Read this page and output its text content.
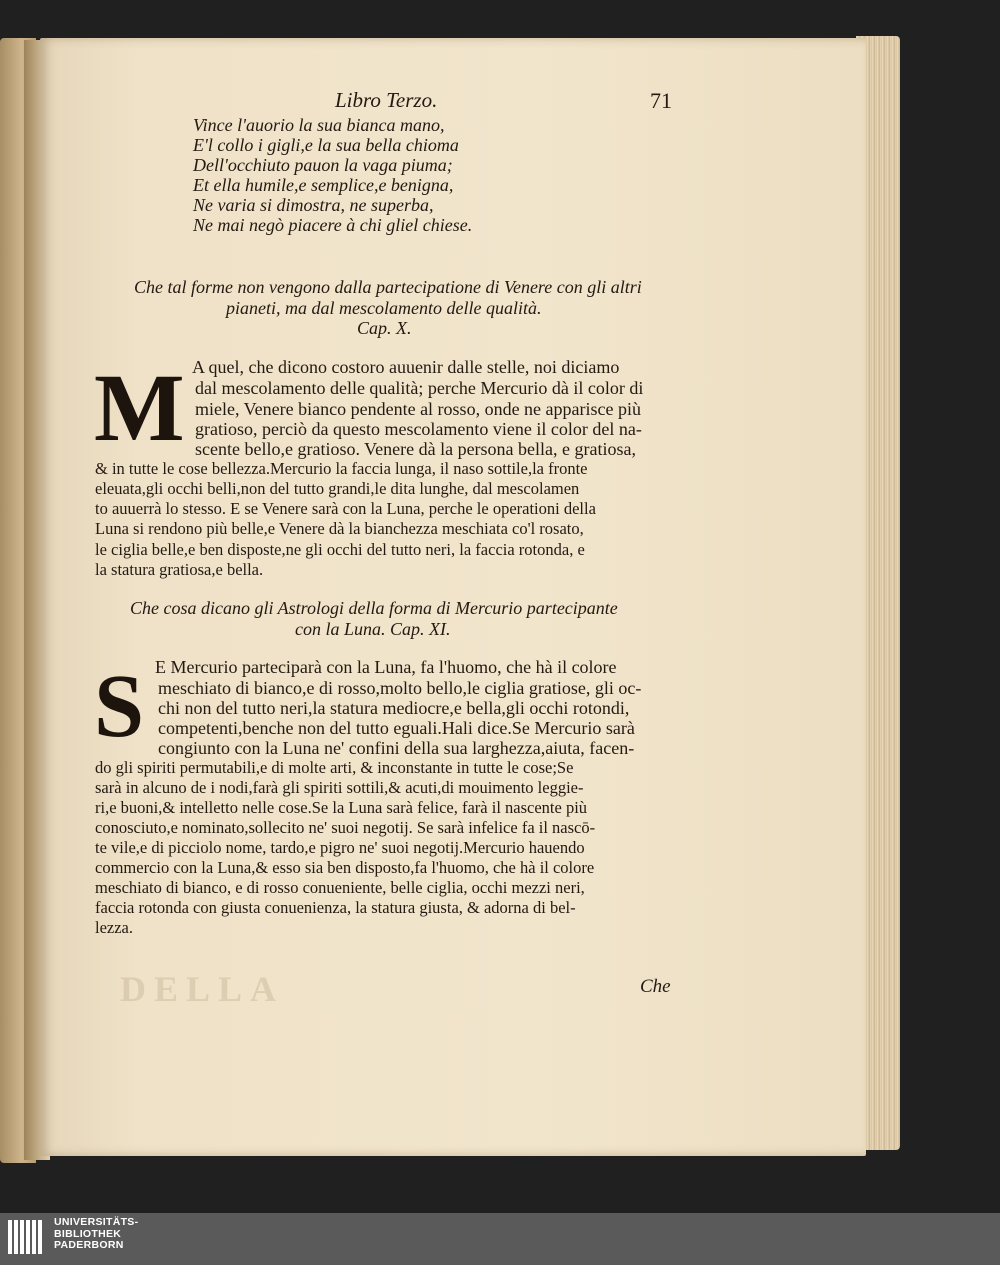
DELLA
Libro Terzo.	71
Vince l'auorio la sua bianca mano,
E'l collo i gigli,e la sua bella chioma
Dell'occhiuto pauon la vaga piuma;
Et ella humile,e semplice,e benigna,
Ne varia si dimostra, ne superba,
Ne mai negò piacere à chi gliel chiese.
Che tal forme non vengono dalla partecipatione di Venere con gli altri
pianeti, ma dal mescolamento delle qualità.
Cap. X.
M A quel, che dicono costoro auuenir dalle stelle, noi diciamo
dal mescolamento delle qualità; perche Mercurio dà il color di
miele, Venere bianco pendente al rosso, onde ne apparisce più
gratioso, perciò da questo mescolamento viene il color del na-
scente bello,e gratioso. Venere dà la persona bella, e gratiosa,
& in tutte le cose bellezza.Mercurio la faccia lunga, il naso sottile,la fronte
eleuata,gli occhi belli,non del tutto grandi,le dita lunghe, dal mescolamen
to auuerrà lo stesso. E se Venere sarà con la Luna, perche le operationi della
Luna si rendono più belle,e Venere dà la bianchezza meschiata co'l rosato,
le ciglia belle,e ben disposte,ne gli occhi del tutto neri, la faccia rotonda, e
la statura gratiosa,e bella.
Che cosa dicano gli Astrologi della forma di Mercurio partecipante
con la Luna. Cap. XI.
S E Mercurio parteciparà con la Luna, fa l'huomo, che hà il colore
meschiato di bianco,e di rosso,molto bello,le ciglia gratiose, gli oc-
chi non del tutto neri,la statura mediocre,e bella,gli occhi rotondi,
competenti,benche non del tutto eguali.Hali dice.Se Mercurio sarà
congiunto con la Luna ne' confini della sua larghezza,aiuta, facen-
do gli spiriti permutabili,e di molte arti, & inconstante in tutte le cose;Se
sarà in alcuno de i nodi,farà gli spiriti sottili,& acuti,di mouimento leggie-
ri,e buoni,& intelletto nelle cose.Se la Luna sarà felice, farà il nascente più
conosciuto,e nominato,sollecito ne' suoi negotij. Se sarà infelice fa il nascō-
te vile,e di picciolo nome, tardo,e pigro ne' suoi negotij.Mercurio hauendo
commercio con la Luna,& esso sia ben disposto,fa l'huomo, che hà il colore
meschiato di bianco, e di rosso conueniente, belle ciglia, occhi mezzi neri,
faccia rotonda con giusta conuenienza, la statura giusta, & adorna di bel-
lezza.
Che
UNIVERSITÄTS-
BIBLIOTHEK
PADERBORN
